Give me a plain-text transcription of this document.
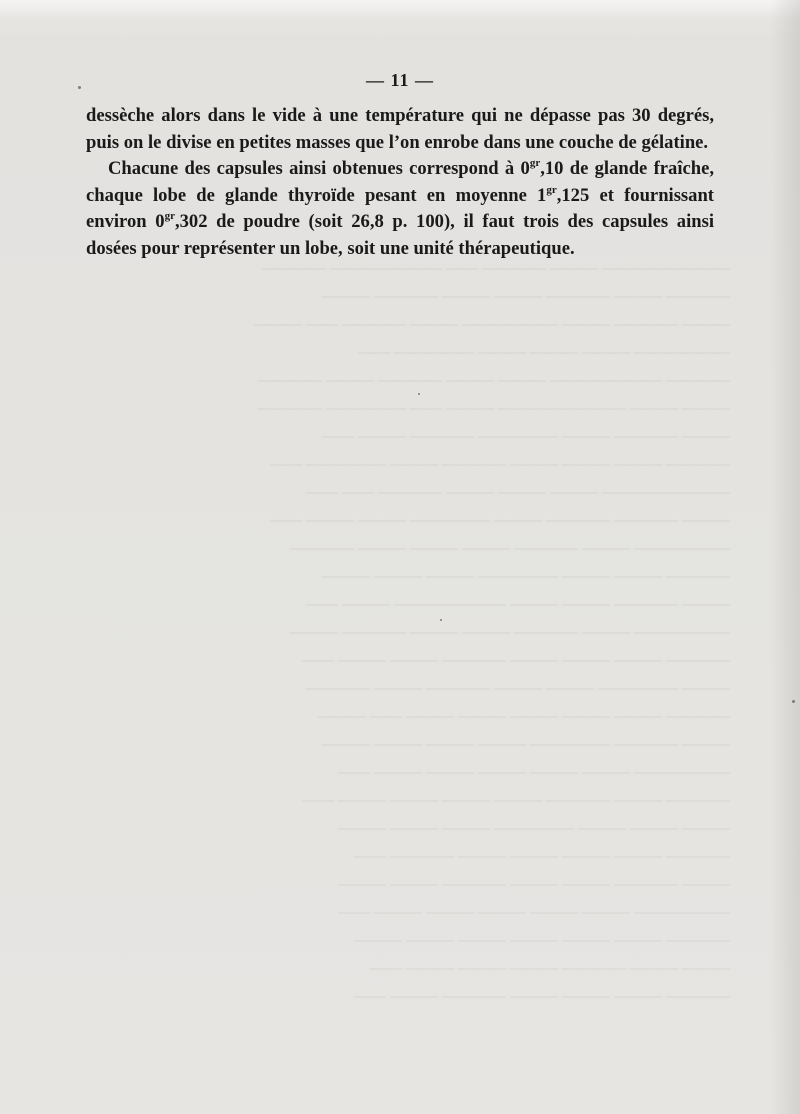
———————— ——— ———— —— ——————— ————
———— ——— ———— ——— ——— ———— ———
——— ———— ——— —————— ——— ———— —— ———
—————— ——— ——— ——— ————— ——
———— ——————— ——— ——— ———— ——— ————
——— ——— ———————— ——— —— ————— ————
——— ———— ——— ————— ———— ——— ——
———— ——— ——— ——— ———— ——— ————— ——
———————— ——— ——— ——— ———— —— ——
——— ———— ———— ——— ————— ——— ——— ——
—————— ——— ———— ——— ——— ——— ————
———— ——— ——— ————— ——— ——— ———
——— ———— ——— ——— ——————— ——— ——
—————— ——— ———— ——— ——— ———— ———
———— ——— ——— ——— ———— ——— ——— ——
——— ————— ——— ——— ———— ——— ————
———— ——— ——— ——— ——— ——— —— ———
——— ———— ————— ——— ——— ——— ———
—————— ——— ——— ——— ——— ——— ——
———— ——— ———— ——— ——— ——— ——— ——
——— ——— ——— ————— ——— ——— ———
———— ——— ——— ——— ——— ———— ——
——— ———— ——— ——— ———— ——— ———
—————— ——— ——— ——— ——— ——— ——
———— ——— ——— ——— ——— ——— ———
——— ——— ———— ——— ——— ——— ——
———— ——— ——— ——— ———— ——— ——
— 11 —

dessèche alors dans le vide à une température qui ne dépasse pas 30 degrés, puis on le divise en petites masses que l’on enrobe dans une couche de gélatine.

Chacune des capsules ainsi obtenues correspond à $0^{gr},10$ de glande fraîche, chaque lobe de glande thyroïde pesant en moyenne $1^{gr},125$ et fournissant environ $0^{gr},302$ de poudre (soit 26,8 p. 100), il faut trois des capsules ainsi dosées pour représenter un lobe, soit une unité thérapeutique.
